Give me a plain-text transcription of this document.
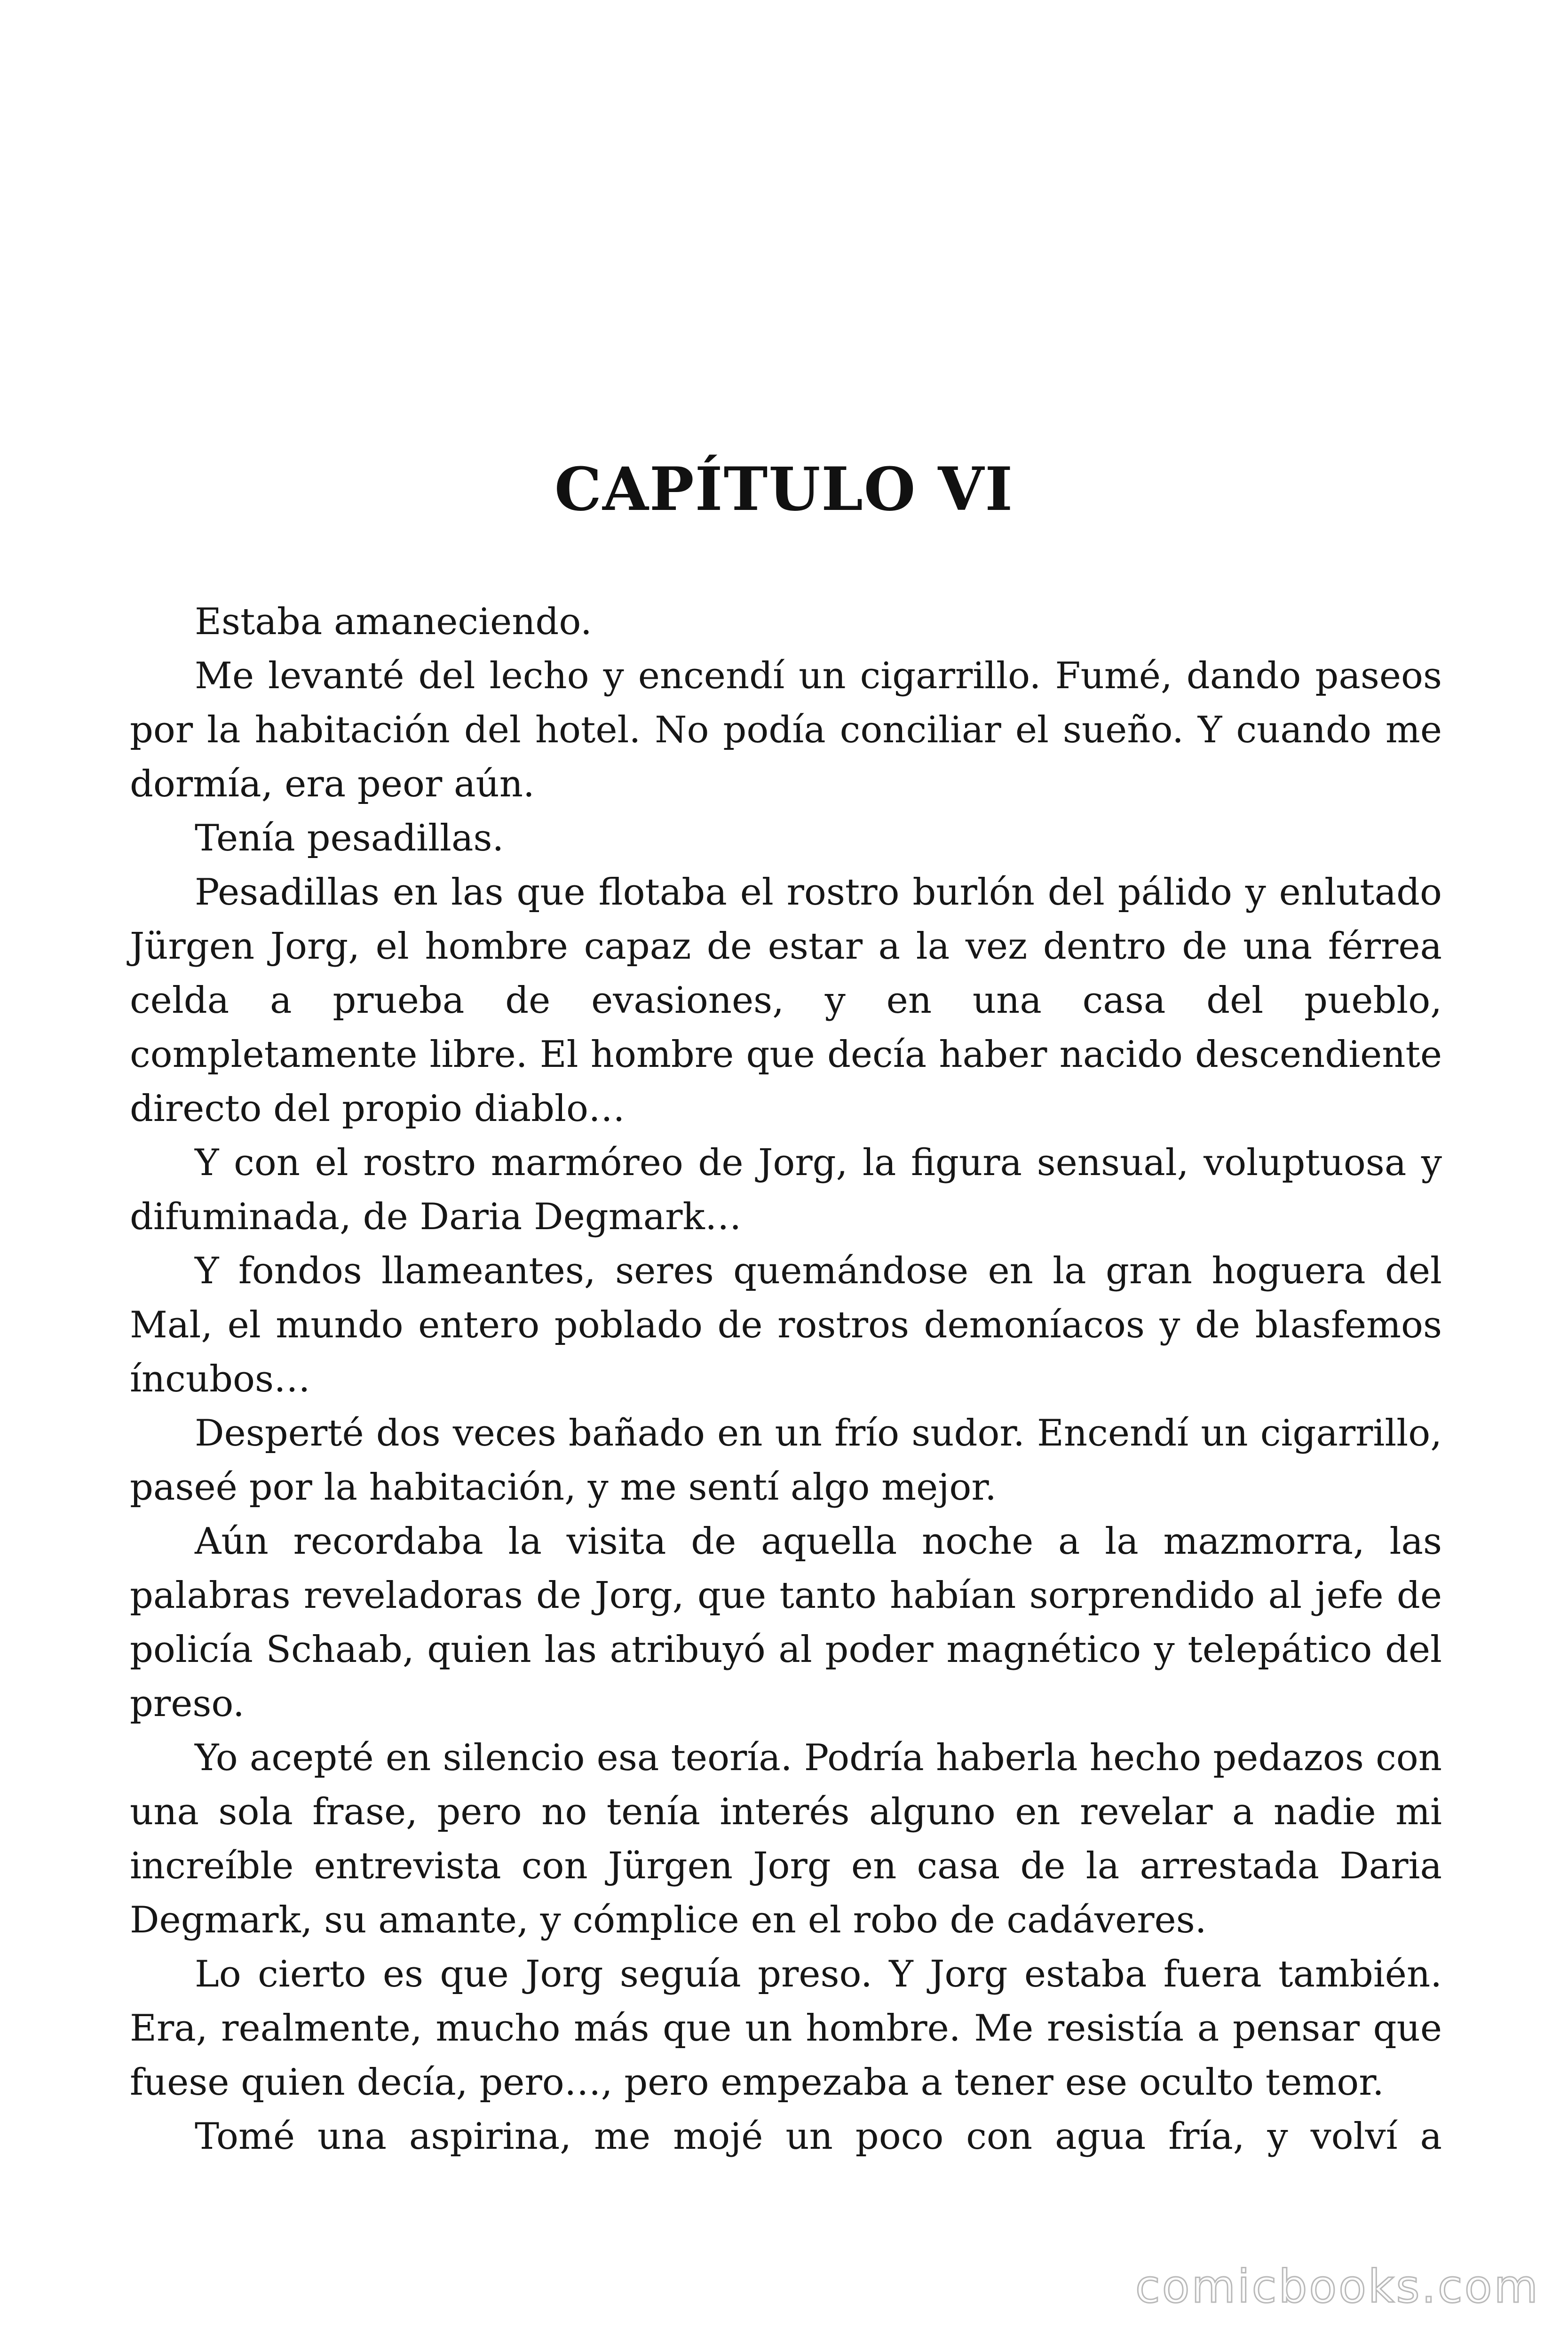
CAPÍTULO VI

Estaba amaneciendo.

Me levanté del lecho y encendí un cigarrillo. Fumé, dando paseos por la habitación del hotel. No podía conciliar el sueño. Y cuando me dormía, era peor aún.

Tenía pesadillas.

Pesadillas en las que flotaba el rostro burlón del pálido y enlutado Jürgen Jorg, el hombre capaz de estar a la vez dentro de una férrea celda a prueba de evasiones, y en una casa del pueblo, completamente libre. El hombre que decía haber nacido descendiente directo del propio diablo…

Y con el rostro marmóreo de Jorg, la figura sensual, voluptuosa y difuminada, de Daria Degmark…

Y fondos llameantes, seres quemándose en la gran hoguera del Mal, el mundo entero poblado de rostros demoníacos y de blasfemos íncubos…

Desperté dos veces bañado en un frío sudor. Encendí un cigarrillo, paseé por la habitación, y me sentí algo mejor.

Aún recordaba la visita de aquella noche a la mazmorra, las palabras reveladoras de Jorg, que tanto habían sorprendido al jefe de policía Schaab, quien las atribuyó al poder magnético y telepático del preso.

Yo acepté en silencio esa teoría. Podría haberla hecho pedazos con una sola frase, pero no tenía interés alguno en revelar a nadie mi increíble entrevista con Jürgen Jorg en casa de la arrestada Daria Degmark, su amante, y cómplice en el robo de cadáveres.

Lo cierto es que Jorg seguía preso. Y Jorg estaba fuera también. Era, realmente, mucho más que un hombre. Me resistía a pensar que fuese quien decía, pero…, pero empezaba a tener ese oculto temor.

Tomé una aspirina, me mojé un poco con agua fría, y volví a

comicbooks.com
